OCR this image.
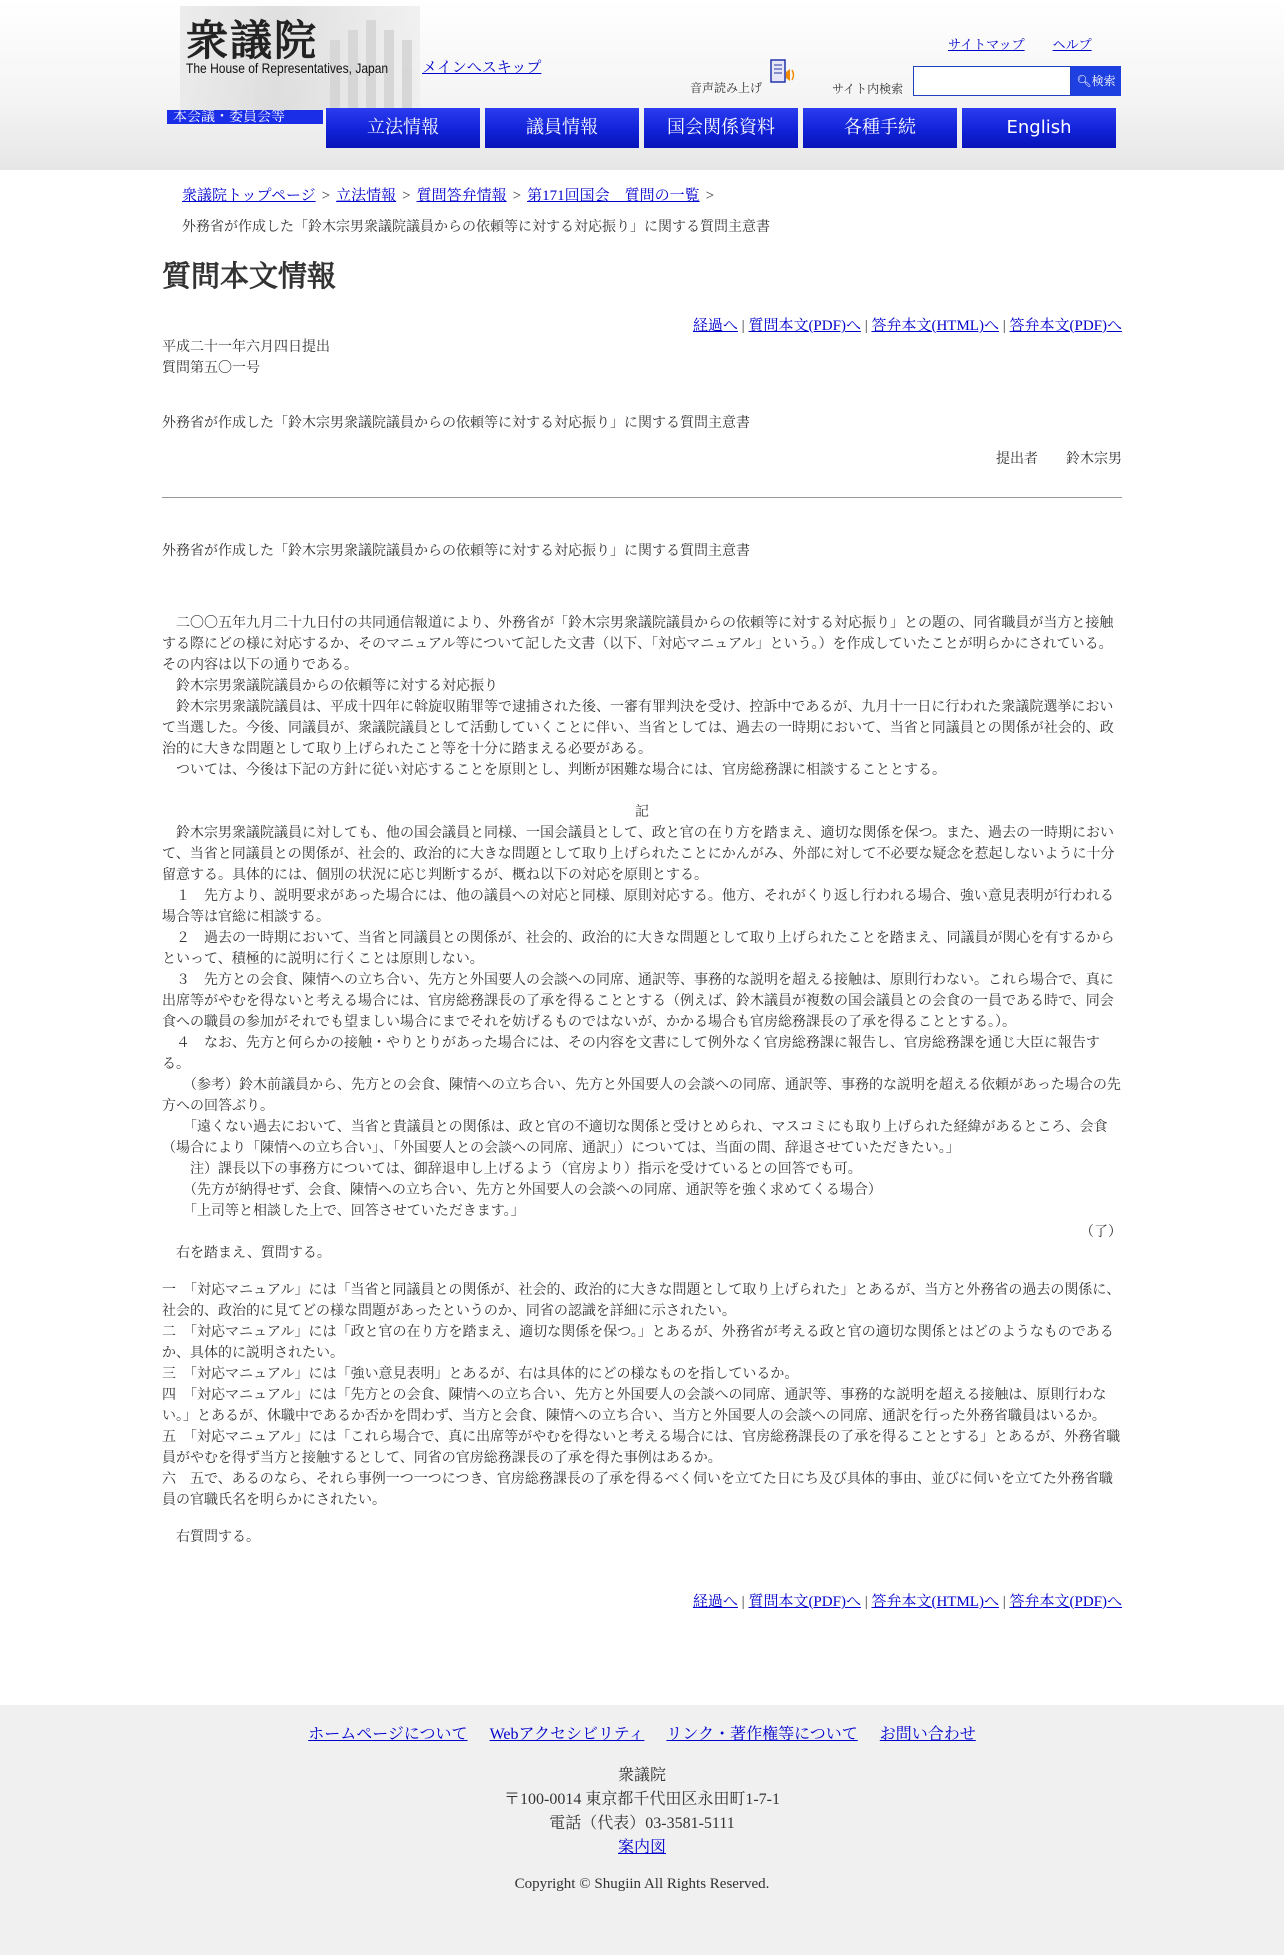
衆議院
The House of Representatives, Japan メインへスキップ
サイトマップ ヘルプ
音声読み上げ	サイト内検索
🔍︎検索
本会議・委員会等	立法情報	議員情報	国会関係資料	各種手続	English
衆議院トップページ > 立法情報 > 質問答弁情報 > 第171回国会　質問の一覧 >
外務省が作成した「鈴木宗男衆議院議員からの依頼等に対する対応振り」に関する質問主意書
質問本文情報
経過へ | 質問本文(PDF)へ | 答弁本文(HTML)へ | 答弁本文(PDF)へ
平成二十一年六月四日提出
質問第五〇一号
外務省が作成した「鈴木宗男衆議院議員からの依頼等に対する対応振り」に関する質問主意書
提出者　　鈴木宗男

外務省が作成した「鈴木宗男衆議院議員からの依頼等に対する対応振り」に関する質問主意書

　二〇〇五年九月二十九日付の共同通信報道により、外務省が「鈴木宗男衆議院議員からの依頼等に対する対応振り」との題の、同省職員が当方と接触する際にどの様に対応するか、そのマニュアル等について記した文書（以下、「対応マニュアル」という。）を作成していたことが明らかにされている。その内容は以下の通りである。

　鈴木宗男衆議院議員からの依頼等に対する対応振り

　鈴木宗男衆議院議員は、平成十四年に斡旋収賄罪等で逮捕された後、一審有罪判決を受け、控訴中であるが、九月十一日に行われた衆議院選挙において当選した。今後、同議員が、衆議院議員として活動していくことに伴い、当省としては、過去の一時期において、当省と同議員との関係が社会的、政治的に大きな問題として取り上げられたこと等を十分に踏まえる必要がある。

　ついては、今後は下記の方針に従い対応することを原則とし、判断が困難な場合には、官房総務課に相談することとする。

記

　鈴木宗男衆議院議員に対しても、他の国会議員と同様、一国会議員として、政と官の在り方を踏まえ、適切な関係を保つ。また、過去の一時期において、当省と同議員との関係が、社会的、政治的に大きな問題として取り上げられたことにかんがみ、外部に対して不必要な疑念を惹起しないように十分留意する。具体的には、個別の状況に応じ判断するが、概ね以下の対応を原則とする。

　１　先方より、説明要求があった場合には、他の議員への対応と同様、原則対応する。他方、それがくり返し行われる場合、強い意見表明が行われる場合等は官総に相談する。

　２　過去の一時期において、当省と同議員との関係が、社会的、政治的に大きな問題として取り上げられたことを踏まえ、同議員が関心を有するからといって、積極的に説明に行くことは原則しない。

　３　先方との会食、陳情への立ち合い、先方と外国要人の会談への同席、通訳等、事務的な説明を超える接触は、原則行わない。これら場合で、真に出席等がやむを得ないと考える場合には、官房総務課長の了承を得ることとする（例えば、鈴木議員が複数の国会議員との会食の一員である時で、同会食への職員の参加がそれでも望ましい場合にまでそれを妨げるものではないが、かかる場合も官房総務課長の了承を得ることとする。）。

　４　なお、先方と何らかの接触・やりとりがあった場合には、その内容を文書にして例外なく官房総務課に報告し、官房総務課を通じ大臣に報告する。

　　（参考）鈴木前議員から、先方との会食、陳情への立ち合い、先方と外国要人の会談への同席、通訳等、事務的な説明を超える依頼があった場合の先方への回答ぶり。

　　「遠くない過去において、当省と貴議員との関係は、政と官の不適切な関係と受けとめられ、マスコミにも取り上げられた経緯があるところ、会食（場合により「陳情への立ち合い」、「外国要人との会談への同席、通訳」）については、当面の間、辞退させていただきたい。」

　　注）課長以下の事務方については、御辞退申し上げるよう（官房より）指示を受けているとの回答でも可。

　　（先方が納得せず、会食、陳情への立ち合い、先方と外国要人の会談への同席、通訳等を強く求めてくる場合）

　　「上司等と相談した上で、回答させていただきます。」

（了）

　右を踏まえ、質問する。

一　「対応マニュアル」には「当省と同議員との関係が、社会的、政治的に大きな問題として取り上げられた」とあるが、当方と外務省の過去の関係に、社会的、政治的に見てどの様な問題があったというのか、同省の認識を詳細に示されたい。

二　「対応マニュアル」には「政と官の在り方を踏まえ、適切な関係を保つ。」とあるが、外務省が考える政と官の適切な関係とはどのようなものであるか、具体的に説明されたい。

三　「対応マニュアル」には「強い意見表明」とあるが、右は具体的にどの様なものを指しているか。

四　「対応マニュアル」には「先方との会食、陳情への立ち合い、先方と外国要人の会談への同席、通訳等、事務的な説明を超える接触は、原則行わない。」とあるが、休職中であるか否かを問わず、当方と会食、陳情への立ち合い、当方と外国要人の会談への同席、通訳を行った外務省職員はいるか。

五　「対応マニュアル」には「これら場合で、真に出席等がやむを得ないと考える場合には、官房総務課長の了承を得ることとする」とあるが、外務省職員がやむを得ず当方と接触するとして、同省の官房総務課長の了承を得た事例はあるか。

六　五で、あるのなら、それら事例一つ一つにつき、官房総務課長の了承を得るべく伺いを立てた日にち及び具体的事由、並びに伺いを立てた外務省職員の官職氏名を明らかにされたい。

　右質問する。

経過へ | 質問本文(PDF)へ | 答弁本文(HTML)へ | 答弁本文(PDF)へ
ホームページについて Webアクセシビリティ リンク・著作権等について お問い合わせ
衆議院
〒100-0014 東京都千代田区永田町1-7-1
電話（代表）03-3581-5111
案内図
Copyright © Shugiin All Rights Reserved.
